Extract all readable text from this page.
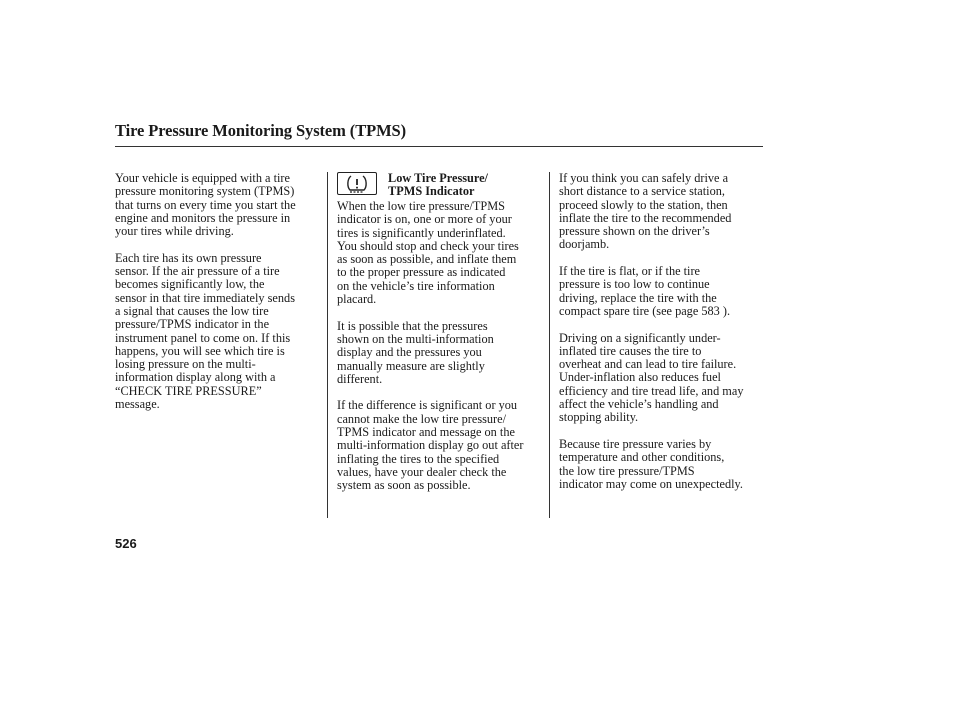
Tire Pressure Monitoring System (TPMS)

Your vehicle is equipped with a tire
pressure monitoring system (TPMS)
that turns on every time you start the
engine and monitors the pressure in
your tires while driving.

Each tire has its own pressure
sensor. If the air pressure of a tire
becomes significantly low, the
sensor in that tire immediately sends
a signal that causes the low tire
pressure/TPMS indicator in the
instrument panel to come on. If this
happens, you will see which tire is
losing pressure on the multi-
information display along with a
“CHECK TIRE PRESSURE”
message.

Low Tire Pressure/
TPMS Indicator

When the low tire pressure/TPMS
indicator is on, one or more of your
tires is significantly underinflated.
You should stop and check your tires
as soon as possible, and inflate them
to the proper pressure as indicated
on the vehicle’s tire information
placard.

It is possible that the pressures
shown on the multi-information
display and the pressures you
manually measure are slightly
different.

If the difference is significant or you
cannot make the low tire pressure/
TPMS indicator and message on the
multi-information display go out after
inflating the tires to the specified
values, have your dealer check the
system as soon as possible.

If you think you can safely drive a
short distance to a service station,
proceed slowly to the station, then
inflate the tire to the recommended
pressure shown on the driver’s
doorjamb.

If the tire is flat, or if the tire
pressure is too low to continue
driving, replace the tire with the
compact spare tire (see page 583 ).

Driving on a significantly under-
inflated tire causes the tire to
overheat and can lead to tire failure.
Under-inflation also reduces fuel
efficiency and tire tread life, and may
affect the vehicle’s handling and
stopping ability.

Because tire pressure varies by
temperature and other conditions,
the low tire pressure/TPMS
indicator may come on unexpectedly.

526
